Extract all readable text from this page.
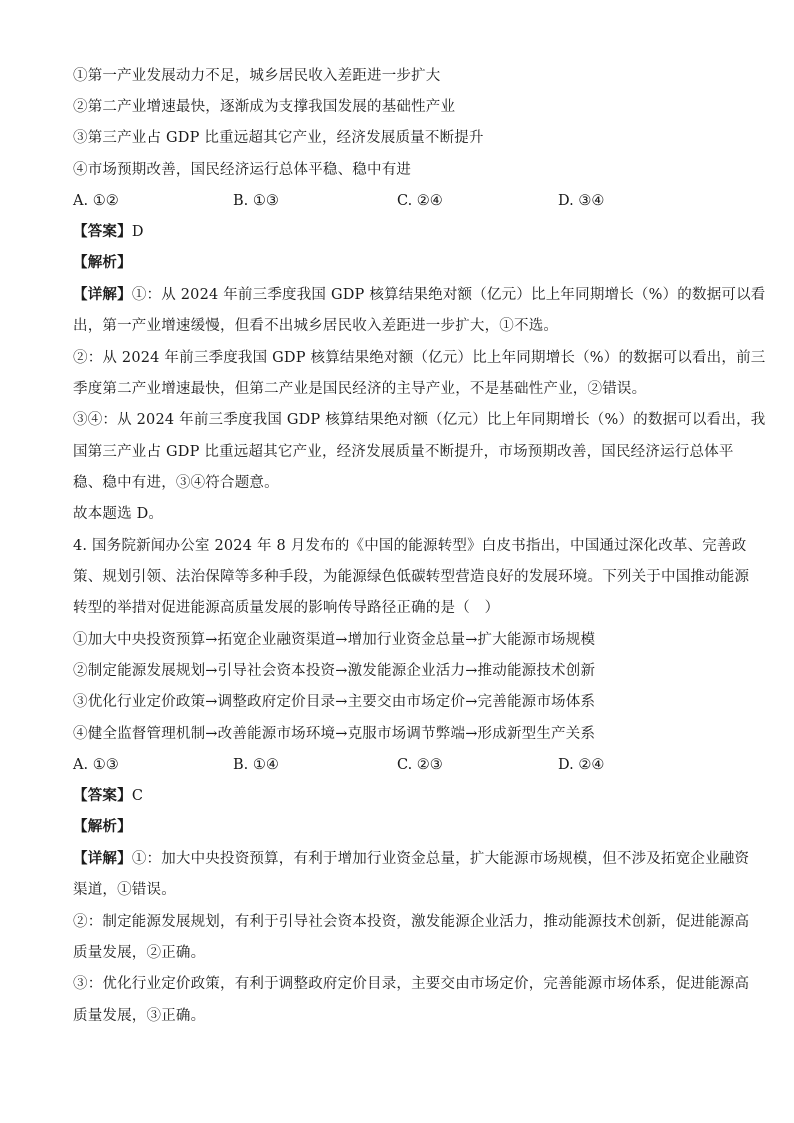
①第一产业发展动力不足，城乡居民收入差距进一步扩大
②第二产业增速最快，逐渐成为支撑我国发展的基础性产业
③第三产业占 GDP 比重远超其它产业，经济发展质量不断提升
④市场预期改善，国民经济运行总体平稳、稳中有进
A. ①②	B. ①③	C. ②④	D. ③④
【答案】D
【解析】
【详解】①：从 2024 年前三季度我国 GDP 核算结果绝对额（亿元）比上年同期增长（%）的数据可以看
出，第一产业增速缓慢，但看不出城乡居民收入差距进一步扩大，①不选。
②：从 2024 年前三季度我国 GDP 核算结果绝对额（亿元）比上年同期增长（%）的数据可以看出，前三
季度第二产业增速最快，但第二产业是国民经济的主导产业，不是基础性产业，②错误。
③④：从 2024 年前三季度我国 GDP 核算结果绝对额（亿元）比上年同期增长（%）的数据可以看出，我
国第三产业占 GDP 比重远超其它产业，经济发展质量不断提升，市场预期改善，国民经济运行总体平
稳、稳中有进，③④符合题意。
故本题选 D。
4. 国务院新闻办公室 2024 年 8 月发布的《中国的能源转型》白皮书指出，中国通过深化改革、完善政
策、规划引领、法治保障等多种手段，为能源绿色低碳转型营造良好的发展环境。下列关于中国推动能源
转型的举措对促进能源高质量发展的影响传导路径正确的是（　）
①加大中央投资预算→拓宽企业融资渠道→增加行业资金总量→扩大能源市场规模
②制定能源发展规划→引导社会资本投资→激发能源企业活力→推动能源技术创新
③优化行业定价政策→调整政府定价目录→主要交由市场定价→完善能源市场体系
④健全监督管理机制→改善能源市场环境→克服市场调节弊端→形成新型生产关系
A. ①③	B. ①④	C. ②③	D. ②④
【答案】C
【解析】
【详解】①：加大中央投资预算，有利于增加行业资金总量，扩大能源市场规模，但不涉及拓宽企业融资
渠道，①错误。
②：制定能源发展规划，有利于引导社会资本投资，激发能源企业活力，推动能源技术创新，促进能源高
质量发展，②正确。
③：优化行业定价政策，有利于调整政府定价目录，主要交由市场定价，完善能源市场体系，促进能源高
质量发展，③正确。
